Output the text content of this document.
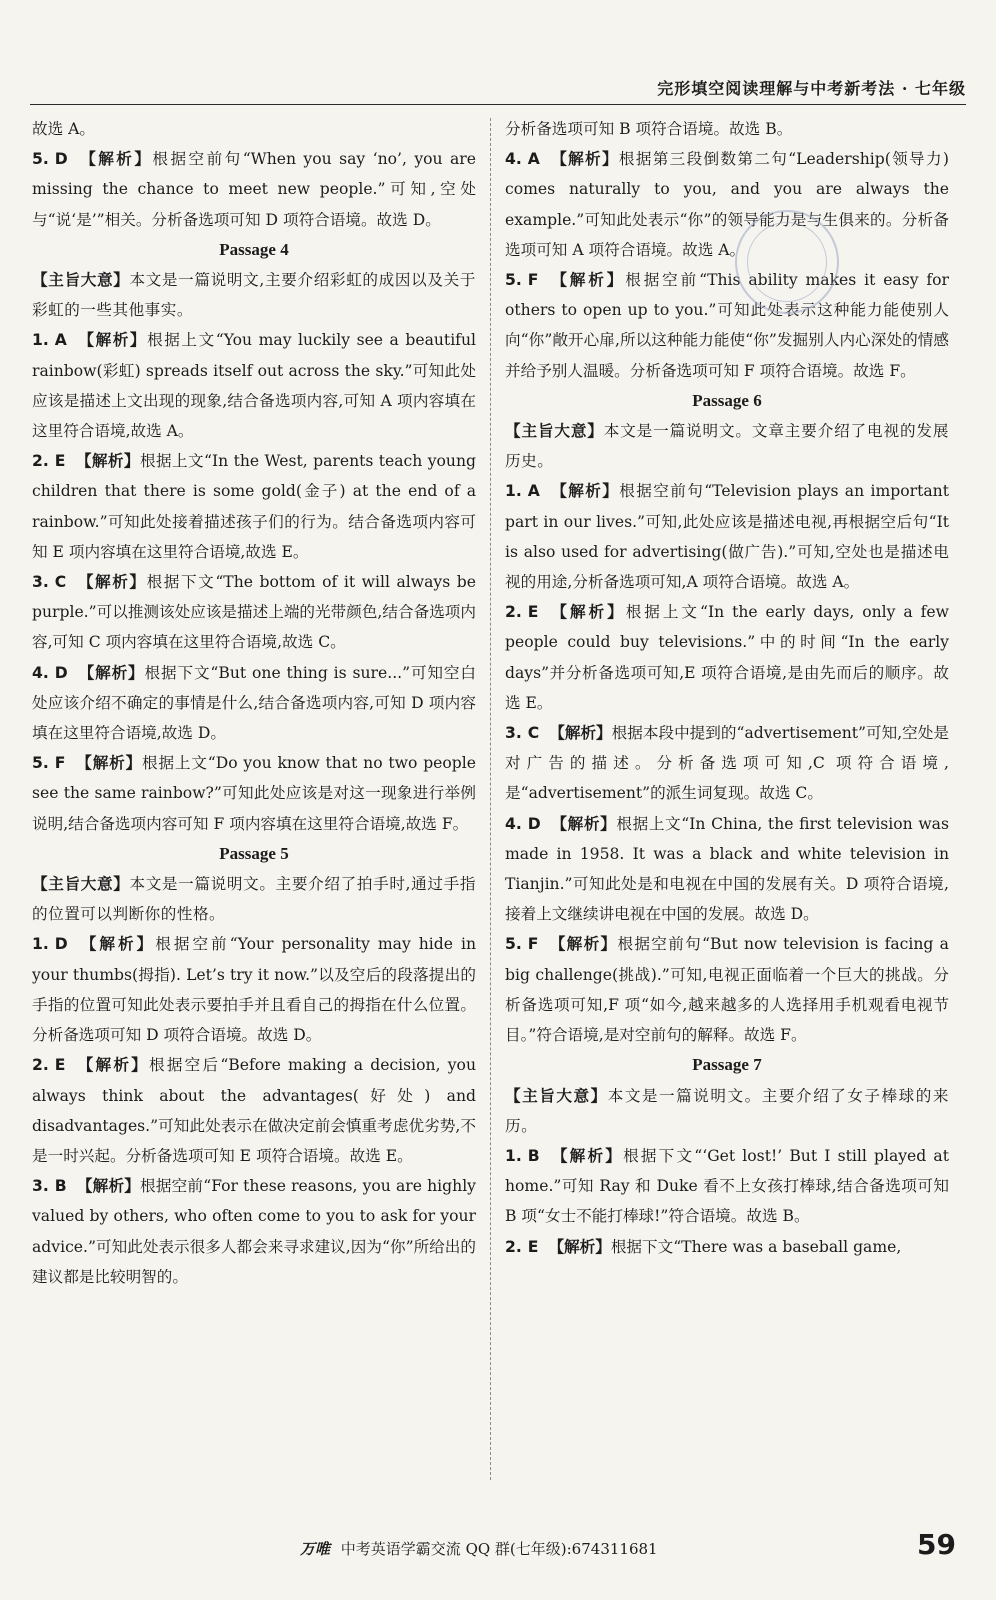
完形填空阅读理解与中考新考法 · 七年级
故选 A。
5. D 【解析】根据空前句“When you say ‘no’, you are missing the chance to meet new people.”可知,空处与“说‘是’”相关。分析备选项可知 D 项符合语境。故选 D。
Passage 4
【主旨大意】本文是一篇说明文,主要介绍彩虹的成因以及关于彩虹的一些其他事实。
1. A 【解析】根据上文“You may luckily see a beautiful rainbow(彩虹) spreads itself out across the sky.”可知此处应该是描述上文出现的现象,结合备选项内容,可知 A 项内容填在这里符合语境,故选 A。
2. E 【解析】根据上文“In the West, parents teach young children that there is some gold(金子) at the end of a rainbow.”可知此处接着描述孩子们的行为。结合备选项内容可知 E 项内容填在这里符合语境,故选 E。
3. C 【解析】根据下文“The bottom of it will always be purple.”可以推测该处应该是描述上端的光带颜色,结合备选项内容,可知 C 项内容填在这里符合语境,故选 C。
4. D 【解析】根据下文“But one thing is sure...”可知空白处应该介绍不确定的事情是什么,结合备选项内容,可知 D 项内容填在这里符合语境,故选 D。
5. F 【解析】根据上文“Do you know that no two people see the same rainbow?”可知此处应该是对这一现象进行举例说明,结合备选项内容可知 F 项内容填在这里符合语境,故选 F。
Passage 5
【主旨大意】本文是一篇说明文。主要介绍了拍手时,通过手指的位置可以判断你的性格。
1. D 【解析】根据空前“Your personality may hide in your thumbs(拇指). Let’s try it now.”以及空后的段落提出的手指的位置可知此处表示要拍手并且看自己的拇指在什么位置。分析备选项可知 D 项符合语境。故选 D。
2. E 【解析】根据空后“Before making a decision, you always think about the advantages(好处) and disadvantages.”可知此处表示在做决定前会慎重考虑优劣势,不是一时兴起。分析备选项可知 E 项符合语境。故选 E。
3. B 【解析】根据空前“For these reasons, you are highly valued by others, who often come to you to ask for your advice.”可知此处表示很多人都会来寻求建议,因为“你”所给出的建议都是比较明智的。
分析备选项可知 B 项符合语境。故选 B。
4. A 【解析】根据第三段倒数第二句“Leadership(领导力) comes naturally to you, and you are always the example.”可知此处表示“你”的领导能力是与生俱来的。分析备选项可知 A 项符合语境。故选 A。
5. F 【解析】根据空前“This ability makes it easy for others to open up to you.”可知此处表示这种能力能使别人向“你”敞开心扉,所以这种能力能使“你”发掘别人内心深处的情感并给予别人温暖。分析备选项可知 F 项符合语境。故选 F。
Passage 6
【主旨大意】本文是一篇说明文。文章主要介绍了电视的发展历史。
1. A 【解析】根据空前句“Television plays an important part in our lives.”可知,此处应该是描述电视,再根据空后句“It is also used for advertising(做广告).”可知,空处也是描述电视的用途,分析备选项可知,A 项符合语境。故选 A。
2. E 【解析】根据上文“In the early days, only a few people could buy televisions.”中的时间“In the early days”并分析备选项可知,E 项符合语境,是由先而后的顺序。故选 E。
3. C 【解析】根据本段中提到的“advertisement”可知,空处是对广告的描述。分析备选项可知,C 项符合语境,是“advertisement”的派生词复现。故选 C。
4. D 【解析】根据上文“In China, the first television was made in 1958. It was a black and white television in Tianjin.”可知此处是和电视在中国的发展有关。D 项符合语境,接着上文继续讲电视在中国的发展。故选 D。
5. F 【解析】根据空前句“But now television is facing a big challenge(挑战).”可知,电视正面临着一个巨大的挑战。分析备选项可知,F 项“如今,越来越多的人选择用手机观看电视节目。”符合语境,是对空前句的解释。故选 F。
Passage 7
【主旨大意】本文是一篇说明文。主要介绍了女子棒球的来历。
1. B 【解析】根据下文“‘Get lost!’ But I still played at home.”可知 Ray 和 Duke 看不上女孩打棒球,结合备选项可知 B 项“女士不能打棒球!”符合语境。故选 B。
2. E 【解析】根据下文“There was a baseball game,
万唯 中考英语学霸交流 QQ 群(七年级):674311681	59
